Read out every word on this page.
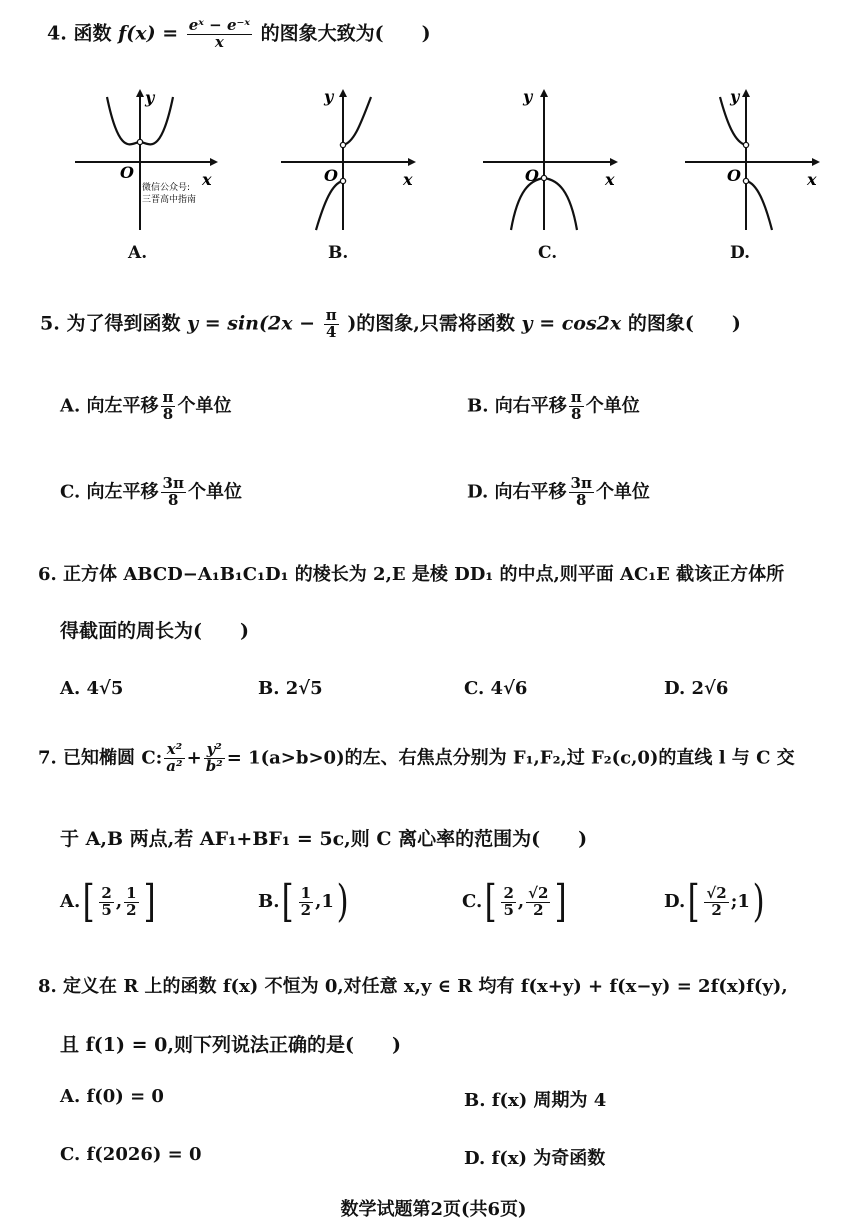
4. 函数 $f(x) = \frac{\text{eˣ − e⁻ˣ}}{x}$ 的图象大致为(　　)
y
O	x
微信公众号:
三晋高中指南
A.
y
O	x
B.
y
O	x
C.
y
O	x
D.
5. 为了得到函数 $y = \sin(2x - \frac{\pi}{4}$ )的图象,只需将函数 y = cos2x 的图象(　　)
A. 向左平移 $\frac{\pi}{8}$ 个单位	B. 向右平移 $\frac{\pi}{8}$ 个单位
C. 向左平移 $\frac{3\pi}{8}$ 个单位	D. 向右平移 $\frac{3\pi}{8}$ 个单位
6. 正方体 ABCD−A₁B₁C₁D₁ 的棱长为 2,E 是棱 DD₁ 的中点,则平面 AC₁E 截该正方体所
得截面的周长为(　　)
A. 4√5	B. 2√5	C. 4√6	D. 2√6
7. 已知椭圆 C: $\frac{\text{x²}}{\text{a²}} + \frac{\text{y²}}{\text{b²}} = 1(a>b>0)$的左、右焦点分别为 F₁,F₂,过 F₂(c,0)的直线 l 与 C 交
于 A,B 两点,若 AF₁+BF₁ = 5c,则 C 离心率的范围为(　　)
$A.[ \frac{2}{5}$ , $\frac{1}{2}$ ]	$B.[ \frac{1}{2} ,1)$	$C.[ \frac{2}{5}$ , $\frac{√2}{2}$ ]	$D.[ \frac{√2}{2}$ ;1)
8. 定义在 R 上的函数 f(x) 不恒为 0,对任意 x,y ∈ R 均有 f(x+y) + f(x−y) = 2f(x)f(y),
且 f(1) = 0,则下列说法正确的是(　　)
A. f(0) = 0	B. f(x) 周期为 4
C. f(2026) = 0	D. f(x) 为奇函数
数学试题第2页(共6页)
